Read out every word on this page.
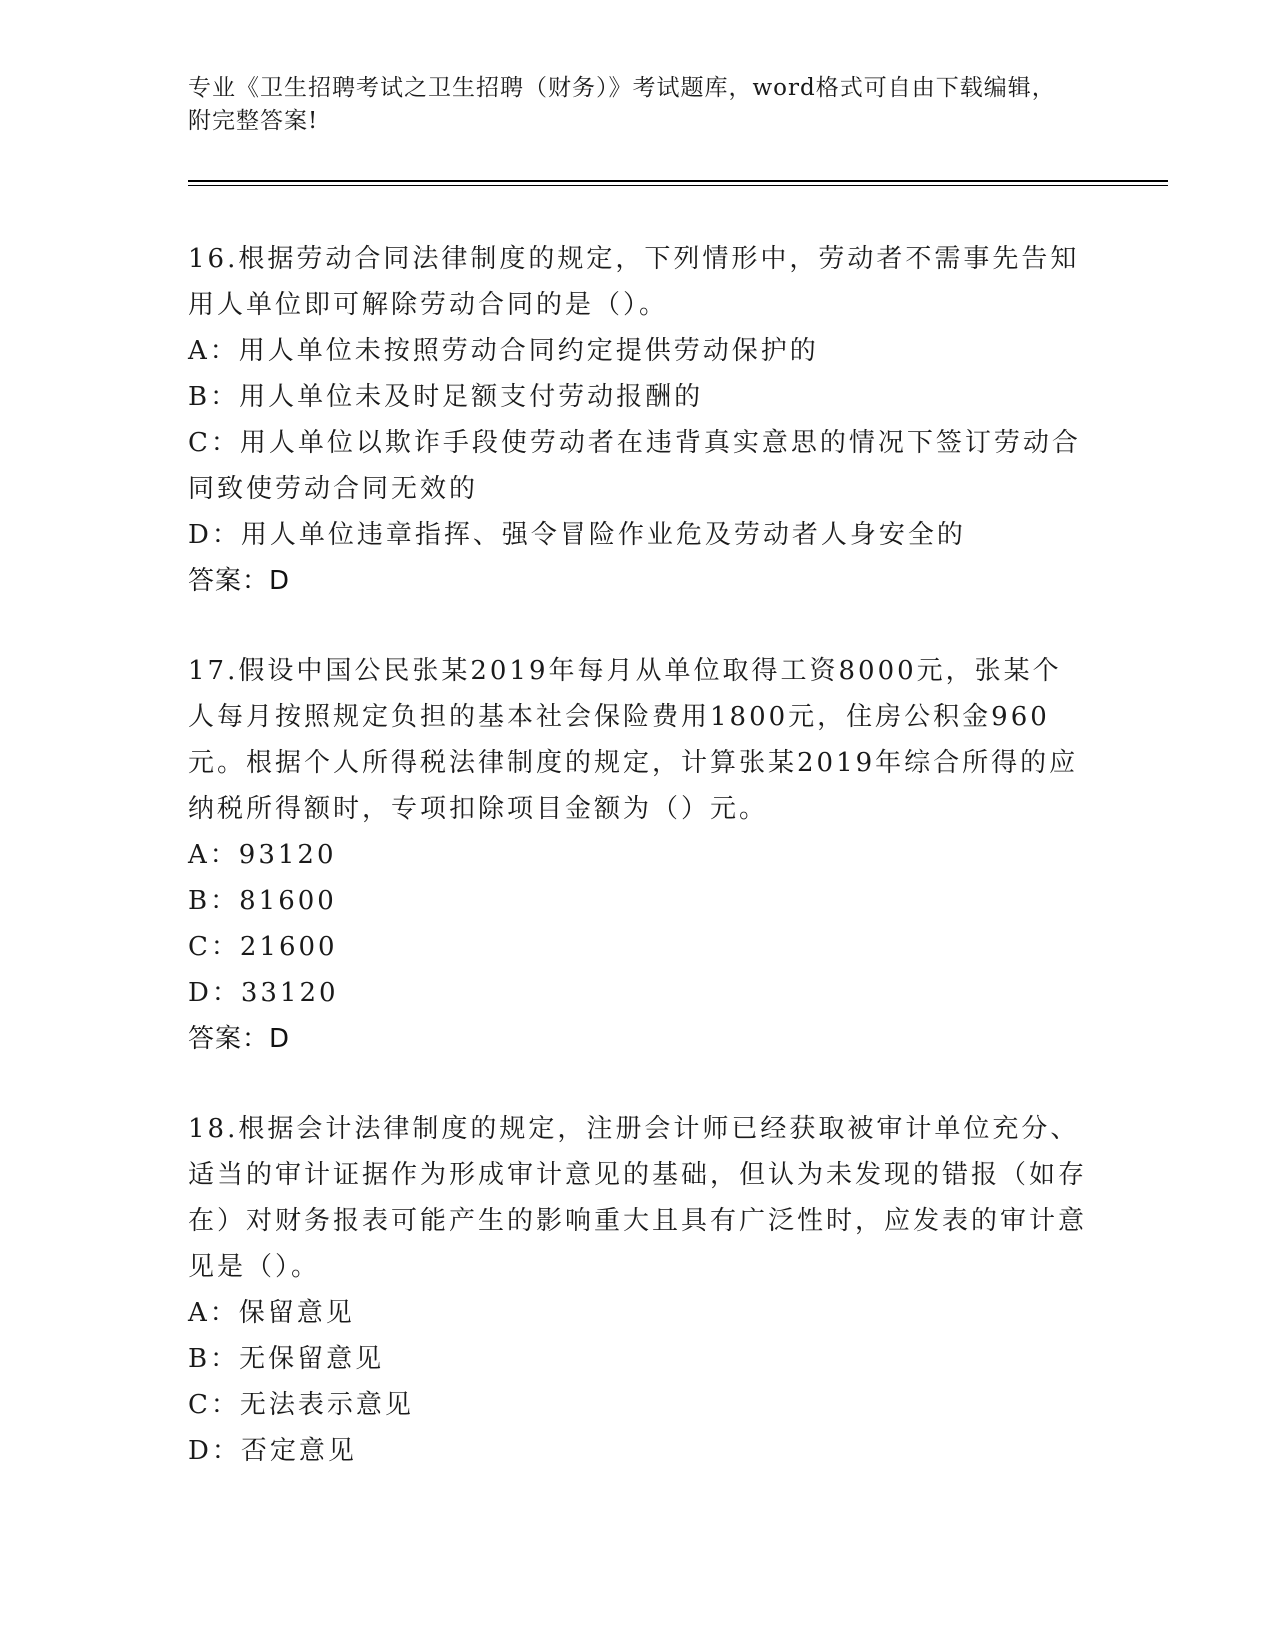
专业《卫生招聘考试之卫生招聘（财务）》考试题库，word格式可自由下载编辑，附完整答案!

16.根据劳动合同法律制度的规定，下列情形中，劳动者不需事先告知用人单位即可解除劳动合同的是（）。

A：用人单位未按照劳动合同约定提供劳动保护的
B：用人单位未及时足额支付劳动报酬的
C：用人单位以欺诈手段使劳动者在违背真实意思的情况下签订劳动合同致使劳动合同无效的
D：用人单位违章指挥、强令冒险作业危及劳动者人身安全的
答案：D

17.假设中国公民张某2019年每月从单位取得工资8000元，张某个人每月按照规定负担的基本社会保险费用1800元，住房公积金960元。根据个人所得税法律制度的规定，计算张某2019年综合所得的应纳税所得额时，专项扣除项目金额为（）元。

A：93120
B：81600
C：21600
D：33120
答案：D

18.根据会计法律制度的规定，注册会计师已经获取被审计单位充分、适当的审计证据作为形成审计意见的基础，但认为未发现的错报（如存在）对财务报表可能产生的影响重大且具有广泛性时，应发表的审计意见是（）。

A：保留意见
B：无保留意见
C：无法表示意见
D：否定意见
